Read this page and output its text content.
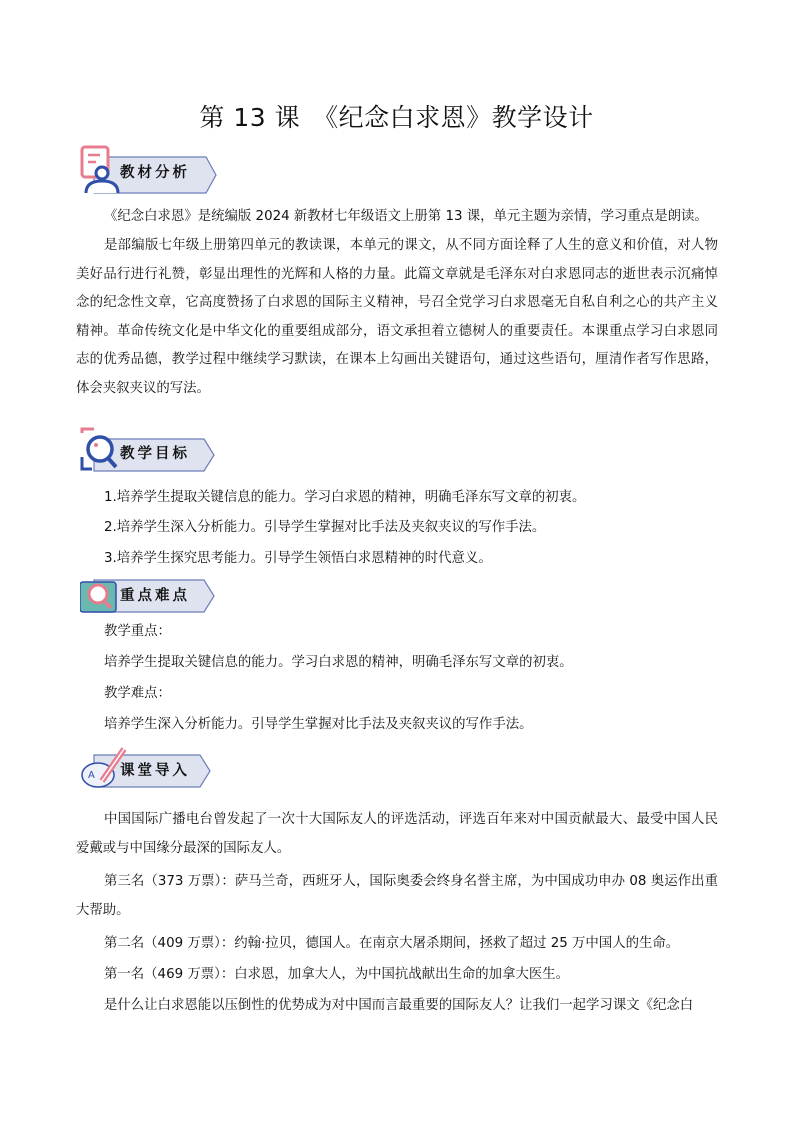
第 13 课　《纪念白求恩》教学设计
教材分析
《纪念白求恩》是统编版 2024 新教材七年级语文上册第 13 课，单元主题为亲情，学习重点是朗读。
是部编版七年级上册第四单元的教读课，本单元的课文，从不同方面诠释了人生的意义和价值，对人物美好品行进行礼赞，彰显出理性的光辉和人格的力量。此篇文章就是毛泽东对白求恩同志的逝世表示沉痛悼念的纪念性文章，它高度赞扬了白求恩的国际主义精神，号召全党学习白求恩毫无自私自利之心的共产主义精神。革命传统文化是中华文化的重要组成部分，语文承担着立德树人的重要责任。本课重点学习白求恩同志的优秀品德，教学过程中继续学习默读，在课本上勾画出关键语句，通过这些语句，厘清作者写作思路，体会夹叙夹议的写法。
教学目标
1.培养学生提取关键信息的能力。学习白求恩的精神，明确毛泽东写文章的初衷。
2.培养学生深入分析能力。引导学生掌握对比手法及夹叙夹议的写作手法。
3.培养学生探究思考能力。引导学生领悟白求恩精神的时代意义。
重点难点
教学重点：
培养学生提取关键信息的能力。学习白求恩的精神，明确毛泽东写文章的初衷。
教学难点：
培养学生深入分析能力。引导学生掌握对比手法及夹叙夹议的写作手法。
A 课堂导入
中国国际广播电台曾发起了一次十大国际友人的评选活动，评选百年来对中国贡献最大、最受中国人民爱戴或与中国缘分最深的国际友人。
第三名（373 万票）：萨马兰奇，西班牙人，国际奥委会终身名誉主席，为中国成功申办 08 奥运作出重大帮助。
第二名（409 万票）：约翰·拉贝，德国人。在南京大屠杀期间，拯救了超过 25 万中国人的生命。
第一名（469 万票）：白求恩，加拿大人，为中国抗战献出生命的加拿大医生。
是什么让白求恩能以压倒性的优势成为对中国而言最重要的国际友人？让我们一起学习课文《纪念白
